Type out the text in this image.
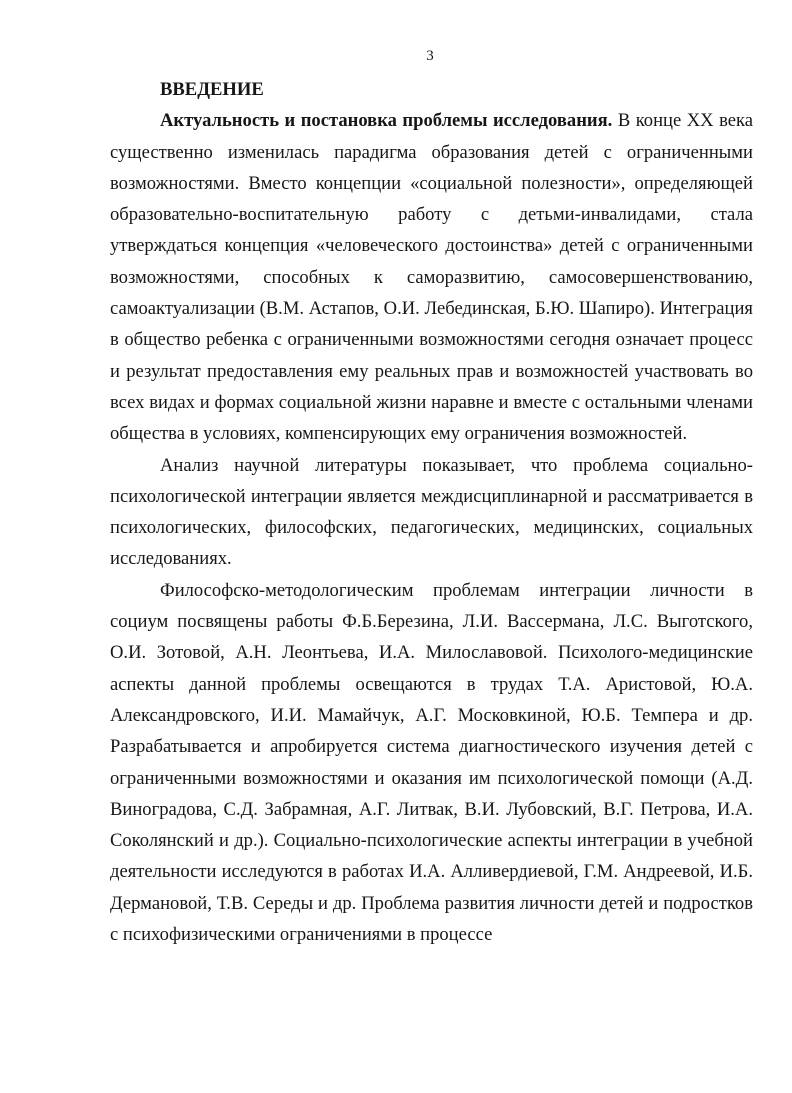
3
ВВЕДЕНИЕ

Актуальность и постановка проблемы исследования. В конце XX века существенно изменилась парадигма образования детей с ограниченными возможностями. Вместо концепции «социальной полезности», определяющей образовательно-воспитательную работу с детьми-инвалидами, стала утверждаться концепция «человеческого достоинства» детей с ограниченными возможностями, способных к саморазвитию, самосовершенствованию, самоактуализации (В.М. Астапов, О.И. Лебединская, Б.Ю. Шапиро). Интеграция в общество ребенка с ограниченными возможностями сегодня означает процесс и результат предоставления ему реальных прав и возможностей участвовать во всех видах и формах социальной жизни наравне и вместе с остальными членами общества в условиях, компенсирующих ему ограничения возможностей.

Анализ научной литературы показывает, что проблема социально-психологической интеграции является междисциплинарной и рассматривается в психологических, философских, педагогических, медицинских, социальных исследованиях.

Философско-методологическим проблемам интеграции личности в социум посвящены работы Ф.Б.Березина, Л.И. Вассермана, Л.С. Выготского, О.И. Зотовой, А.Н. Леонтьева, И.А. Милославовой. Психолого-медицинские аспекты данной проблемы освещаются в трудах Т.А. Аристовой, Ю.А. Александровского, И.И. Мамайчук, А.Г. Московкиной, Ю.Б. Темпера и др. Разрабатывается и апробируется система диагностического изучения детей с ограниченными возможностями и оказания им психологической помощи (А.Д. Виноградова, С.Д. Забрамная, А.Г. Литвак, В.И. Лубовский, В.Г. Петрова, И.А. Соколянский и др.). Социально-психологические аспекты интеграции в учебной деятельности исследуются в работах И.А. Алливердиевой, Г.М. Андреевой, И.Б. Дермановой, Т.В. Середы и др. Проблема развития личности детей и подростков с психофизическими ограничениями в процессе
